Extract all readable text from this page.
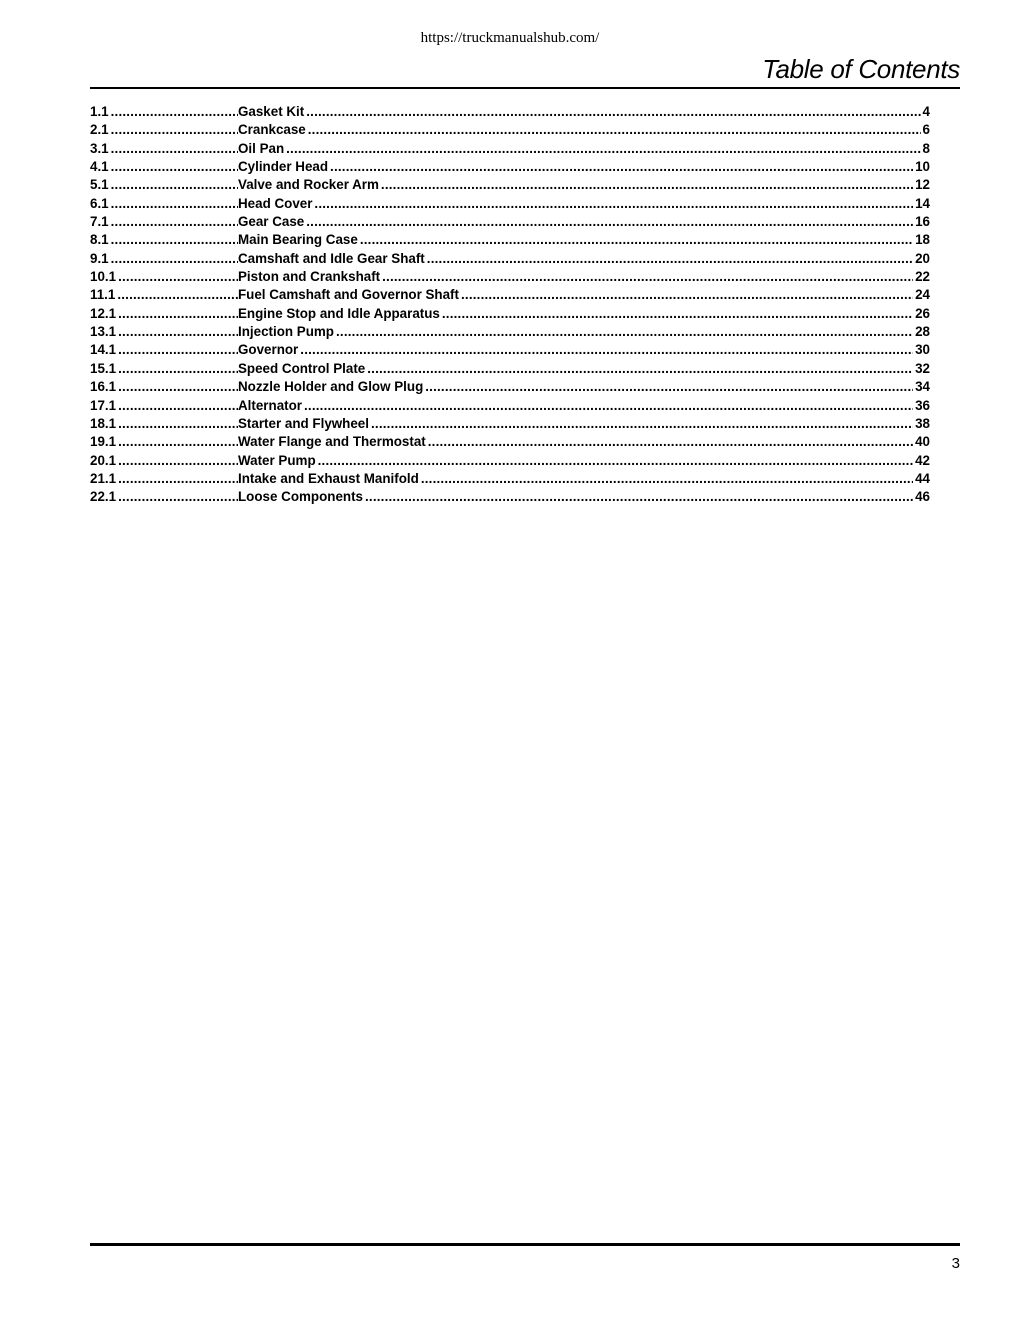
https://truckmanualshub.com/
Table of Contents
1.1 .....	Gasket Kit .....	4
2.1 .....	Crankcase .....	6
3.1 .....	Oil Pan .....	8
4.1 .....	Cylinder Head .....	10
5.1 .....	Valve and Rocker Arm .....	12
6.1 .....	Head Cover .....	14
7.1 .....	Gear Case .....	16
8.1 .....	Main Bearing Case .....	18
9.1 .....	Camshaft and Idle Gear Shaft .....	20
10.1 .....	Piston and Crankshaft .....	22
11.1 .....	Fuel Camshaft and Governor Shaft .....	24
12.1 .....	Engine Stop and Idle Apparatus .....	26
13.1 .....	Injection Pump .....	28
14.1 .....	Governor .....	30
15.1 .....	Speed Control Plate .....	32
16.1 .....	Nozzle Holder and Glow Plug .....	34
17.1 .....	Alternator .....	36
18.1 .....	Starter and Flywheel .....	38
19.1 .....	Water Flange and Thermostat .....	40
20.1 .....	Water Pump .....	42
21.1 .....	Intake and Exhaust Manifold .....	44
22.1 .....	Loose Components .....	46
3
